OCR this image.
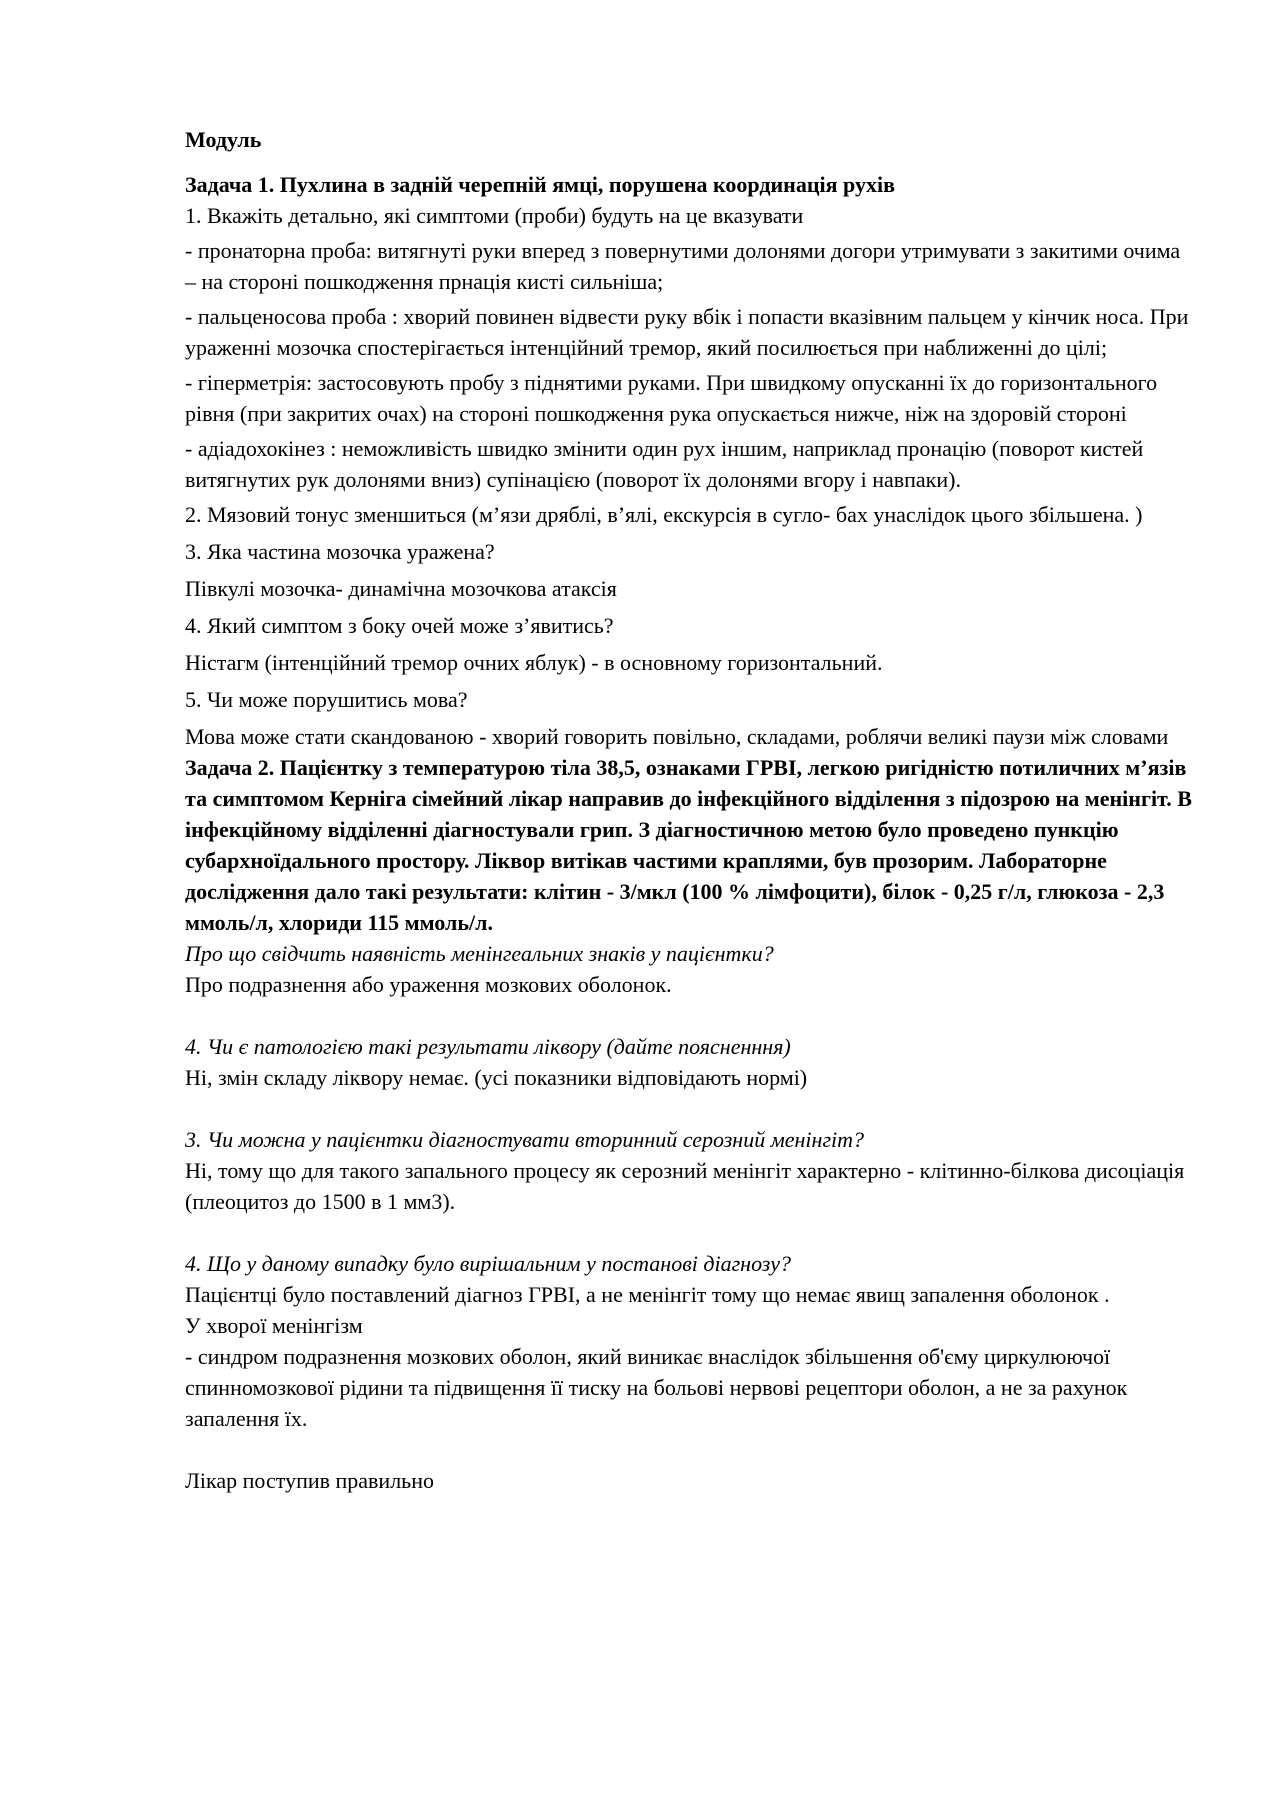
Модуль

Задача 1. Пухлина в задній черепній ямці, порушена координація рухів

1. Вкажіть детально, які симптоми (проби) будуть на це вказувати

- пронаторна проба: витягнуті руки вперед з повернутими долонями догори утримувати з закитими очима – на стороні пошкодження прнація кисті сильніша;

- пальценосова проба : хворий повинен відвести руку вбік і попасти вказівним пальцем у кінчик носа. При ураженні мозочка спостерігається інтенційний тремор, який посилюється при наближенні до цілі;

- гіперметрія: застосовують пробу з піднятими руками. При швидкому опусканні їх до горизонтального рівня (при закритих очах) на стороні пошкодження рука опускається нижче, ніж на здоровій стороні

- адіадохокінез : неможливість швидко змінити один рух іншим, наприклад пронацію (поворот кистей витягнутих рук долонями вниз) супінацією (поворот їх долонями вгору і навпаки).

2. Мязовий тонус зменшиться (м’язи дряблі, в’ялі, екскурсія в сугло- бах унаслідок цього збільшена. )

3. Яка частина мозочка уражена?

Півкулі мозочка- динамічна мозочкова атаксія

4. Який симптом з боку очей може з’явитись?

Ністагм (інтенційний тремор очних яблук) - в основному горизонтальний.

5. Чи може порушитись мова?

Мова може стати скандованою - хворий говорить повільно, складами, роблячи великі паузи між словами

Задача 2. Пацієнтку з температурою тіла 38,5, ознаками ГРВІ, легкою ригідністю потиличних м’язів та симптомом Керніга сімейний лікар направив до інфекційного відділення з підозрою на менінгіт. В інфекційному відділенні діагностували грип. З діагностичною метою було проведено пункцію субархноїдального простору. Ліквор витікав частими краплями, був прозорим. Лабораторне дослідження дало такі результати: клітин - 3/мкл (100 % лімфоцити), білок - 0,25 г/л, глюкоза - 2,3 ммоль/л, хлориди 115 ммоль/л.

Про що свідчить наявність менінгеальних знаків у пацієнтки?

Про подразнення або ураження мозкових оболонок.

4. Чи є патологією такі результати ліквору (дайте поясненння)

Ні, змін складу ліквору немає. (усі показники відповідають нормі)

3. Чи можна у пацієнтки діагностувати вторинний серозний менінгіт?

Ні, тому що для такого запального процесу як серозний менінгіт характерно - клітинно-білкова дисоціація (плеоцитоз до 1500 в 1 мм3).

4. Що у даному випадку було вирішальним у постанові діагнозу?

Пацієнтці було поставлений діагноз ГРВІ, а не менінгіт тому що немає явищ запалення оболонок .

У хворої менінгізм

- синдром подразнення мозкових оболон, який виникає внаслідок збільшення об'єму циркулюючої спинномозкової рідини та підвищення її тиску на больові нервові рецептори оболон, а не за рахунок запалення їх.

Лікар поступив правильно
